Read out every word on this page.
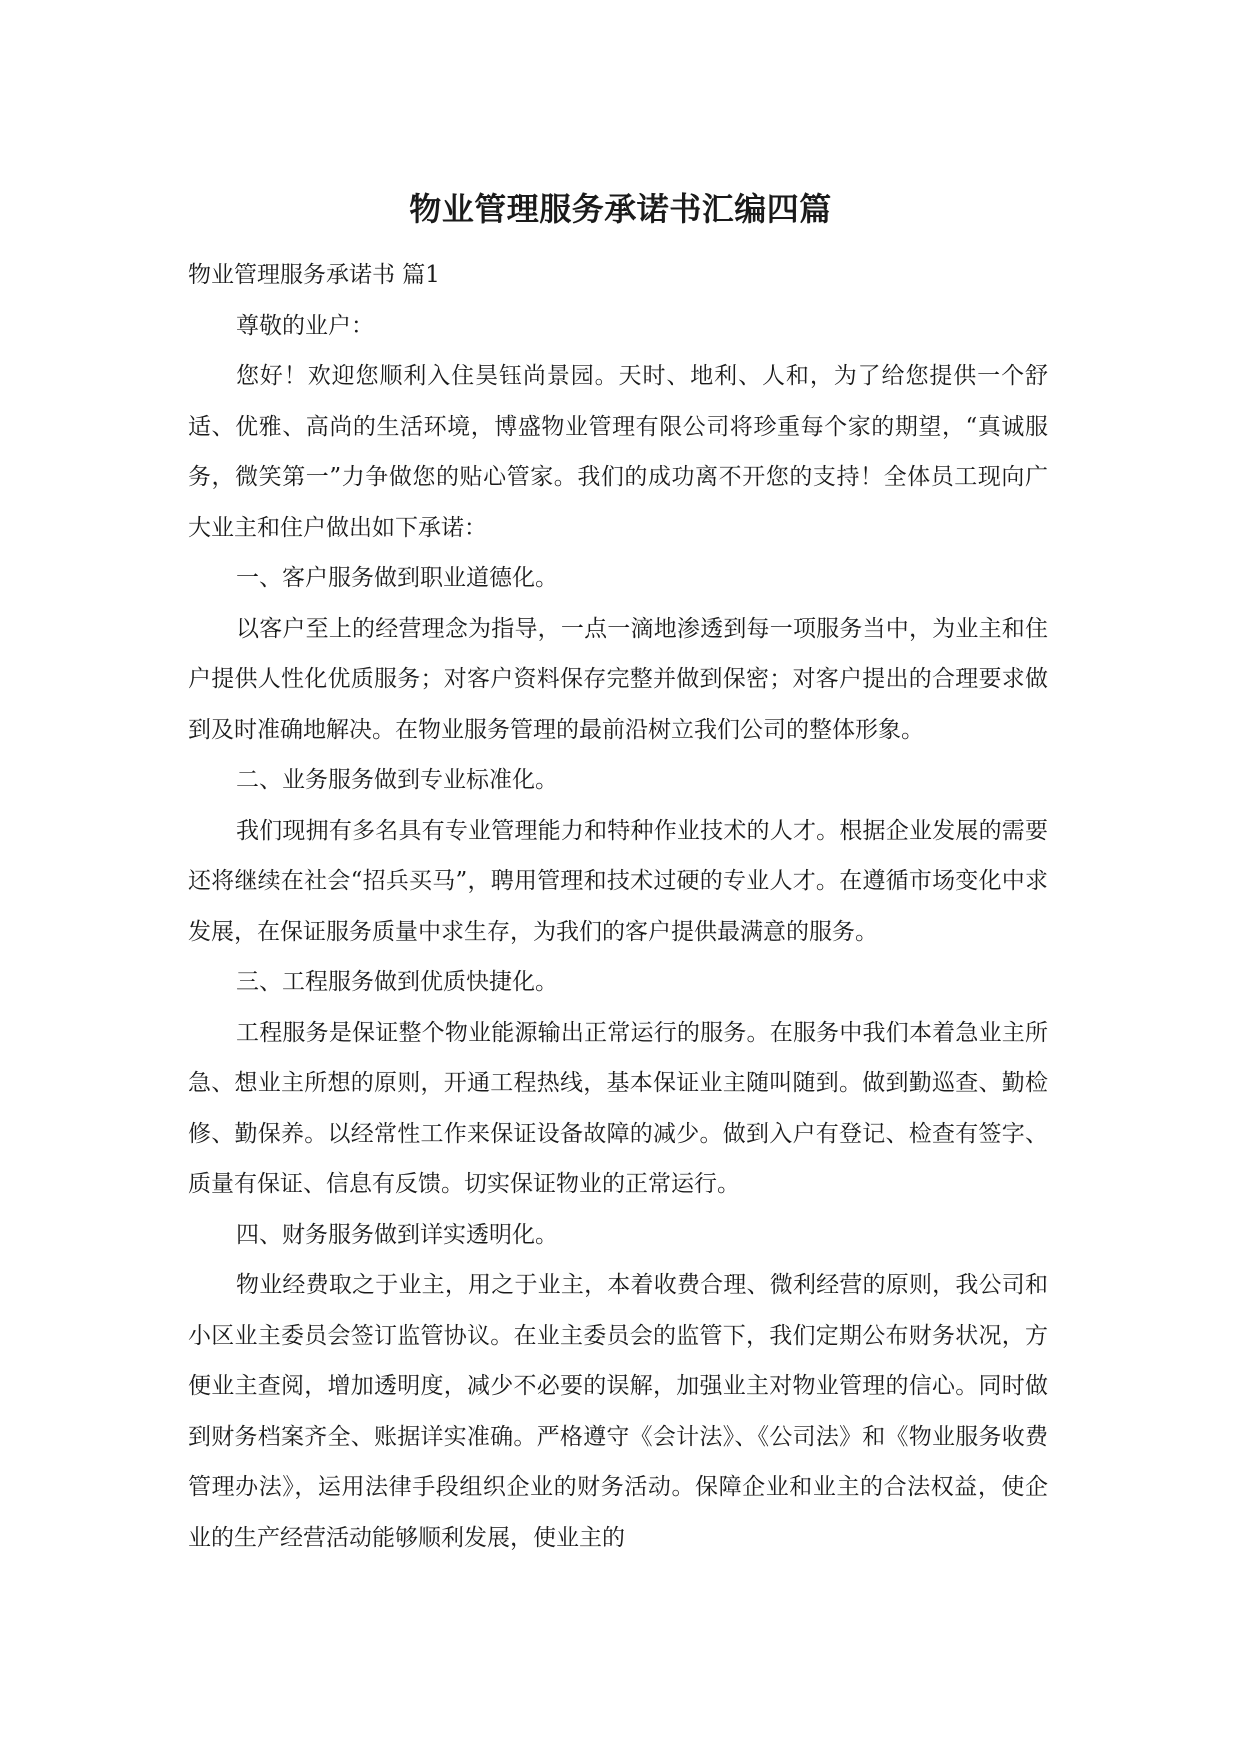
物业管理服务承诺书汇编四篇

物业管理服务承诺书 篇1

尊敬的业户：

您好！欢迎您顺利入住昊钰尚景园。天时、地利、人和，为了给您提供一个舒适、优雅、高尚的生活环境，博盛物业管理有限公司将珍重每个家的期望，“真诚服务，微笑第一”力争做您的贴心管家。我们的成功离不开您的支持！全体员工现向广大业主和住户做出如下承诺：

一、客户服务做到职业道德化。

以客户至上的经营理念为指导，一点一滴地渗透到每一项服务当中，为业主和住户提供人性化优质服务；对客户资料保存完整并做到保密；对客户提出的合理要求做到及时准确地解决。在物业服务管理的最前沿树立我们公司的整体形象。

二、业务服务做到专业标准化。

我们现拥有多名具有专业管理能力和特种作业技术的人才。根据企业发展的需要还将继续在社会“招兵买马”，聘用管理和技术过硬的专业人才。在遵循市场变化中求发展，在保证服务质量中求生存，为我们的客户提供最满意的服务。

三、工程服务做到优质快捷化。

工程服务是保证整个物业能源输出正常运行的服务。在服务中我们本着急业主所急、想业主所想的原则，开通工程热线，基本保证业主随叫随到。做到勤巡查、勤检修、勤保养。以经常性工作来保证设备故障的减少。做到入户有登记、检查有签字、质量有保证、信息有反馈。切实保证物业的正常运行。

四、财务服务做到详实透明化。

物业经费取之于业主，用之于业主，本着收费合理、微利经营的原则，我公司和小区业主委员会签订监管协议。在业主委员会的监管下，我们定期公布财务状况，方便业主查阅，增加透明度，减少不必要的误解，加强业主对物业管理的信心。同时做到财务档案齐全、账据详实准确。严格遵守《会计法》、《公司法》和《物业服务收费管理办法》，运用法律手段组织企业的财务活动。保障企业和业主的合法权益，使企业的生产经营活动能够顺利发展，使业主的
